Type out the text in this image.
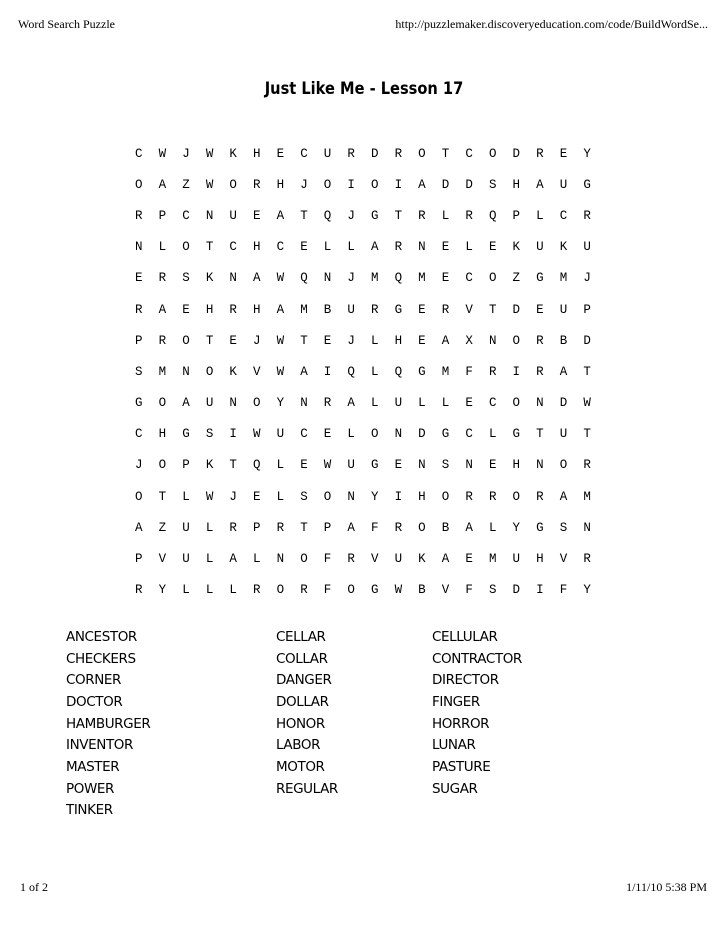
Word Search Puzzle	http://puzzlemaker.discoveryeducation.com/code/BuildWordSe...
Just Like Me - Lesson 17
C	W	J	W	K	H	E	C	U	R	D	R	O	T	C	O	D	R	E	Y
O	A	Z	W	O	R	H	J	O	I	O	I	A	D	D	S	H	A	U	G
R	P	C	N	U	E	A	T	Q	J	G	T	R	L	R	Q	P	L	C	R
N	L	O	T	C	H	C	E	L	L	A	R	N	E	L	E	K	U	K	U
E	R	S	K	N	A	W	Q	N	J	M	Q	M	E	C	O	Z	G	M	J
R	A	E	H	R	H	A	M	B	U	R	G	E	R	V	T	D	E	U	P
P	R	O	T	E	J	W	T	E	J	L	H	E	A	X	N	O	R	B	D
S	M	N	O	K	V	W	A	I	Q	L	Q	G	M	F	R	I	R	A	T
G	O	A	U	N	O	Y	N	R	A	L	U	L	L	E	C	O	N	D	W
C	H	G	S	I	W	U	C	E	L	O	N	D	G	C	L	G	T	U	T
J	O	P	K	T	Q	L	E	W	U	G	E	N	S	N	E	H	N	O	R
O	T	L	W	J	E	L	S	O	N	Y	I	H	O	R	R	O	R	A	M
A	Z	U	L	R	P	R	T	P	A	F	R	O	B	A	L	Y	G	S	N
P	V	U	L	A	L	N	O	F	R	V	U	K	A	E	M	U	H	V	R
R	Y	L	L	L	R	O	R	F	O	G	W	B	V	F	S	D	I	F	Y
ANCESTOR	CELLAR	CELLULAR
CHECKERS	COLLAR	CONTRACTOR
CORNER	DANGER	DIRECTOR
DOCTOR	DOLLAR	FINGER
HAMBURGER	HONOR	HORROR
INVENTOR	LABOR	LUNAR
MASTER	MOTOR	PASTURE
POWER	REGULAR	SUGAR
TINKER
1 of 2	1/11/10 5:38 PM
